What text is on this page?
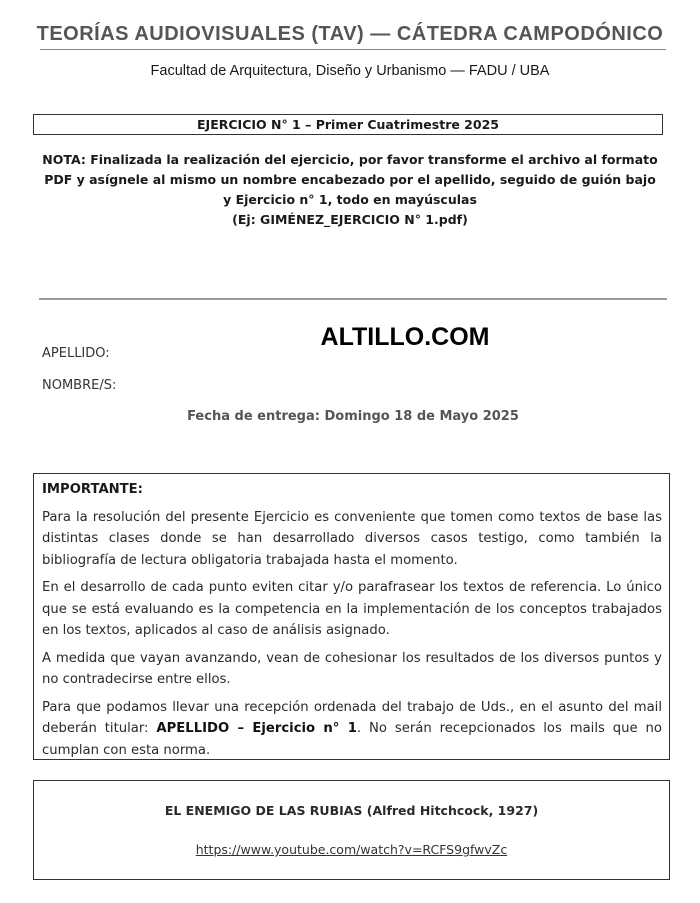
TEORÍAS AUDIOVISUALES (TAV) — CÁTEDRA CAMPODÓNICO
Facultad de Arquitectura, Diseño y Urbanismo — FADU / UBA
EJERCICIO N° 1 – Primer Cuatrimestre 2025

NOTA: Finalizada la realización del ejercicio, por favor transforme el archivo al formato PDF y asígnele al mismo un nombre encabezado por el apellido, seguido de guión bajo y Ejercicio n° 1, todo en mayúsculas

(Ej: GIMÉNEZ_EJERCICIO N° 1.pdf)

ALTILLO.COM
APELLIDO:
NOMBRE/S:
Fecha de entrega: Domingo 18 de Mayo 2025

IMPORTANTE:

Para la resolución del presente Ejercicio es conveniente que tomen como textos de base las distintas clases donde se han desarrollado diversos casos testigo, como también la bibliografía de lectura obligatoria trabajada hasta el momento.

En el desarrollo de cada punto eviten citar y/o parafrasear los textos de referencia. Lo único que se está evaluando es la competencia en la implementación de los conceptos trabajados en los textos, aplicados al caso de análisis asignado.

A medida que vayan avanzando, vean de cohesionar los resultados de los diversos puntos y no contradecirse entre ellos.

Para que podamos llevar una recepción ordenada del trabajo de Uds., en el asunto del mail deberán titular: APELLIDO – Ejercicio n° 1. No serán recepcionados los mails que no cumplan con esta norma.

EL ENEMIGO DE LAS RUBIAS (Alfred Hitchcock, 1927)
https://www.youtube.com/watch?v=RCFS9gfwvZc
